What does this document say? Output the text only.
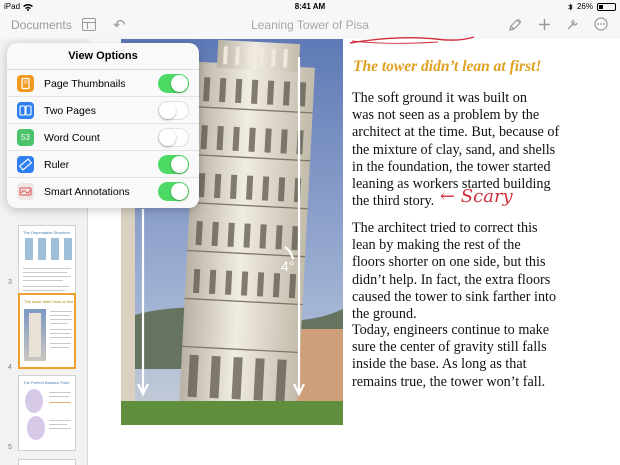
iPad	8:41 AM	26%
Documents	↶	Leaning Tower of Pisa
The Dependable Structure
3
The tower didn’t lean at first
4
The Perfect Balance Point
5
4°
The tower didn’t lean at first!
The soft ground it was built on
was not seen as a problem by the
architect at the time. But, because of
the mixture of clay, sand, and shells
in the foundation, the tower started
leaning as workers started building
the third story. ← Scary
The architect tried to correct this
lean by making the rest of the
floors shorter on one side, but this
didn’t help. In fact, the extra floors
caused the tower to sink farther into
the ground.
Today, engineers continue to make
sure the center of gravity still falls
inside the base. As long as that
remains true, the tower won’t fall.
View Options
Page Thumbnails
Two Pages
53	Word Count
Ruler
Smart Annotations
